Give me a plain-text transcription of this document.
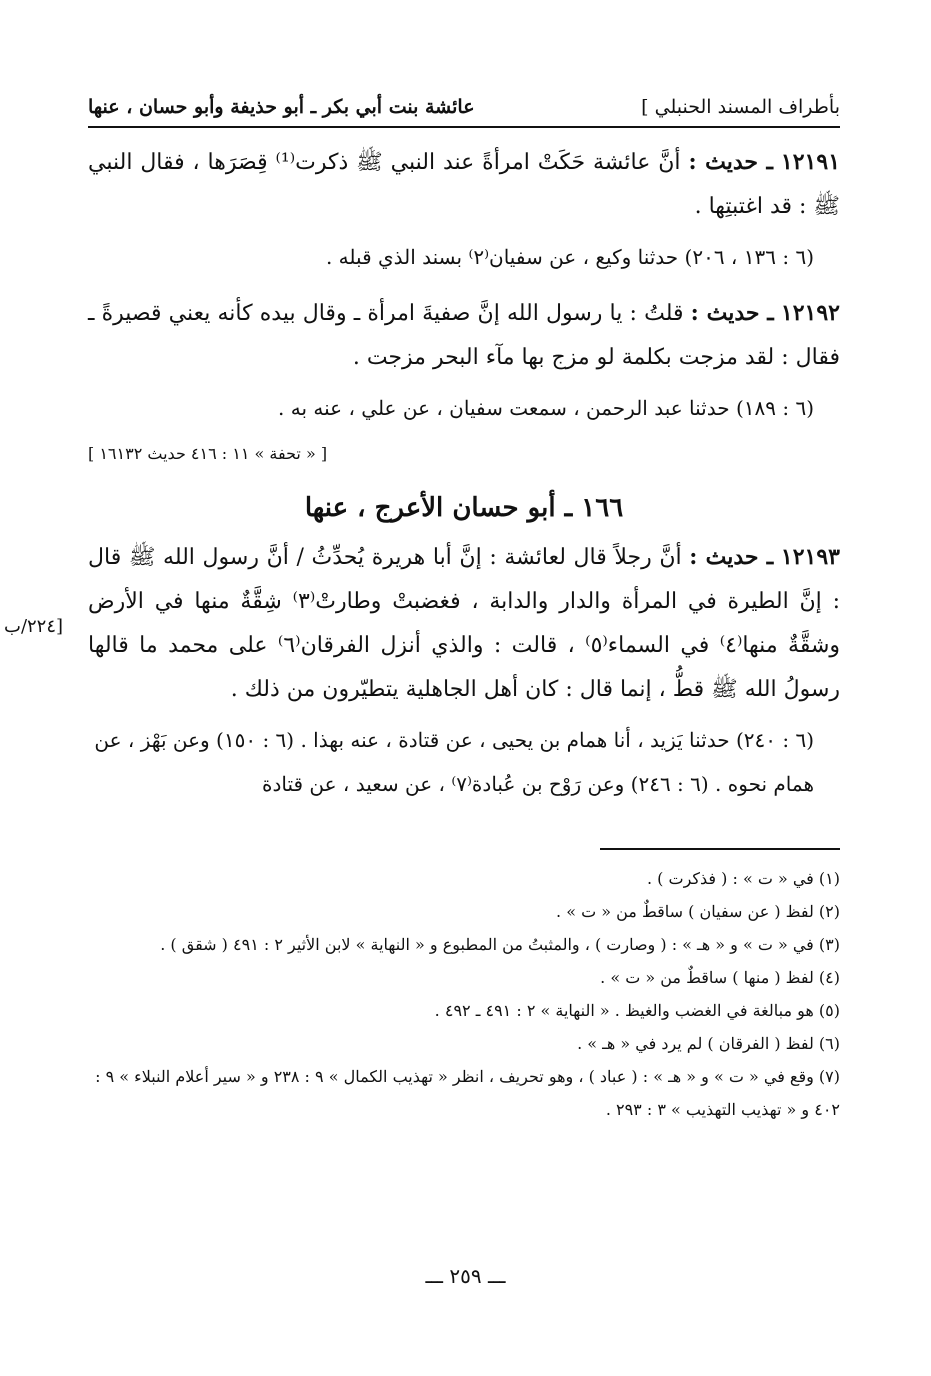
[٢٢٤/ب
بأطراف المسند الحنبلي ]
عائشة بنت أبي بكر ـ أبو حذيفة وأبو حسان ، عنها
١٢١٩١ ـ حديث : أنَّ عائشة حَكَتْ امرأةً عند النبي ﷺ ذكرت⁽¹⁾ قِصَرَها ، فقال النبي ﷺ : قد اغتبتِها .
(٦ : ١٣٦ ، ٢٠٦) حدثنا وكيع ، عن سفيان⁽٢⁾ بسند الذي قبله .
١٢١٩٢ ـ حديث : قلتُ : يا رسول الله إنَّ صفيةَ امرأة ـ وقال بيده كأنه يعني قصيرةً ـ فقال : لقد مزجت بكلمة لو مزج بها مآء البحر مزجت .
(٦ : ١٨٩) حدثنا عبد الرحمن ، سمعت سفيان ، عن علي ، عنه به .
[ « تحفة » ١١ : ٤١٦ حديث ١٦١٣٢ ]
١٦٦ ـ أبو حسان الأعرج ، عنها
١٢١٩٣ ـ حديث : أنَّ رجلاً قال لعائشة : إنَّ أبا هريرة يُحدِّثُ / أنَّ رسول الله ﷺ قال : إنَّ الطيرة في المرأة والدار والدابة ، فغضبتْ وطارتْ⁽٣⁾ شِقَّةٌ منها في الأرض وشقَّةٌ منها⁽٤⁾ في السماء⁽٥⁾ ، قالت : والذي أنزل الفرقان⁽٦⁾ على محمد ما قالها رسولُ الله ﷺ قطُّ ، إنما قال : كان أهل الجاهلية يتطيّرون من ذلك .
(٦ : ٢٤٠) حدثنا يَزيد ، أنا همام بن يحيى ، عن قتادة ، عنه بهذا . (٦ : ١٥٠) وعن بَهْز ، عن همام نحوه . (٦ : ٢٤٦) وعن رَوْح بن عُبادة⁽٧⁾ ، عن سعيد ، عن قتادة
(١) في « ت » : ( فذكرت ) .
(٢) لفظ ( عن سفيان ) ساقطٌ من « ت » .
(٣) في « ت » و « هـ » : ( وصارت ) ، والمثبتُ من المطبوع و « النهاية » لابن الأثير ٢ : ٤٩١ ( شقق ) .
(٤) لفظ ( منها ) ساقطٌ من « ت » .
(٥) هو مبالغة في الغضب والغيظ . « النهاية » ٢ : ٤٩١ ـ ٤٩٢ .
(٦) لفظ ( الفرقان ) لم يرد في « هـ » .
(٧) وقع في « ت » و « هـ » : ( عباد ) ، وهو تحريف ، انظر « تهذيب الكمال » ٩ : ٢٣٨ و « سير أعلام النبلاء » ٩ : ٤٠٢ و « تهذيب التهذيب » ٣ : ٢٩٣ .
ـــ ٢٥٩ ـــ
